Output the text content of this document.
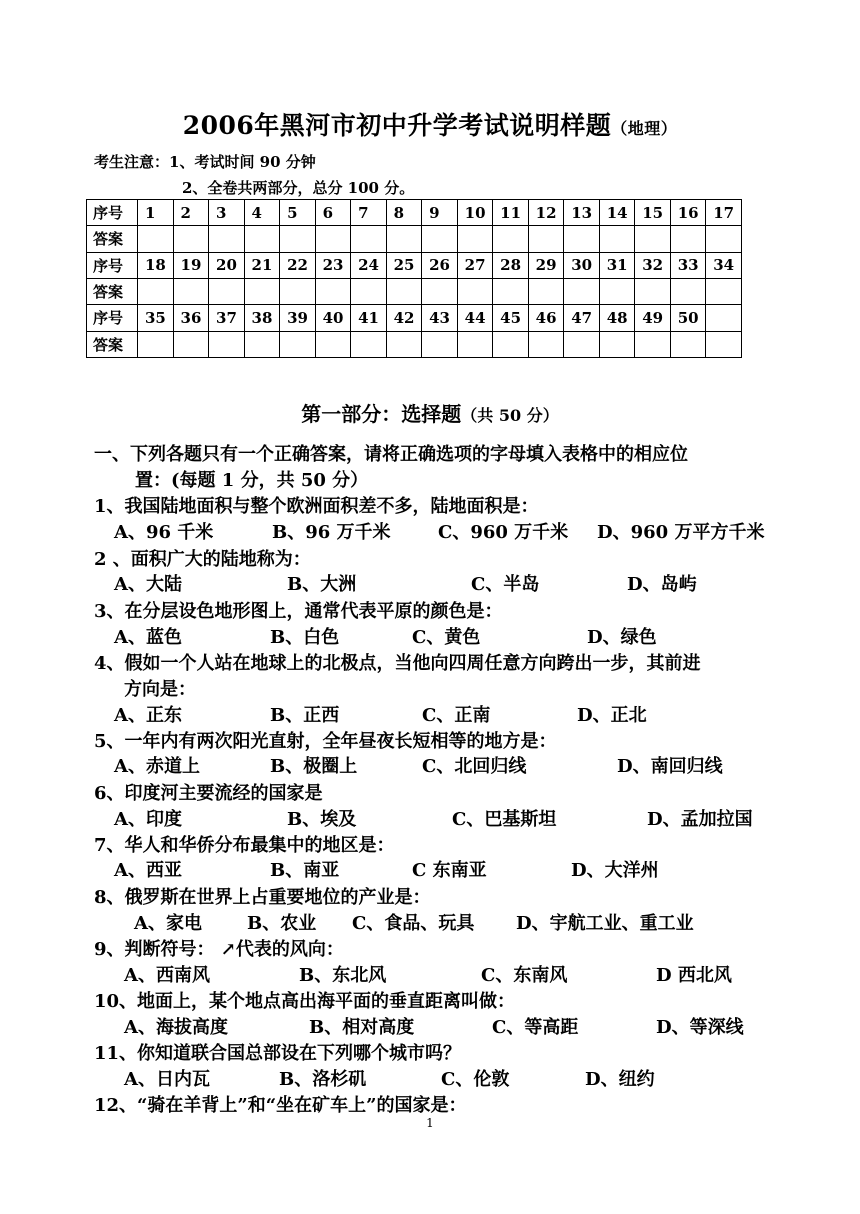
2006年黑河市初中升学考试说明样题（地理）
考生注意：1、考试时间 90 分钟
2、全卷共两部分，总分 100 分。
序号	1	2	3	4	5	6	7	8	9	10	11	12	13	14	15	16	17
答案																	
序号	18	19	20	21	22	23	24	25	26	27	28	29	30	31	32	33	34
答案																	
序号	35	36	37	38	39	40	41	42	43	44	45	46	47	48	49	50	
答案																	
第一部分：选择题（共 50 分）
一、下列各题只有一个正确答案，请将正确选项的字母填入表格中的相应位
置：(每题 1 分，共 50 分）
1、我国陆地面积与整个欧洲面积差不多，陆地面积是：
A、96 千米	B、96 万千米	C、960 万千米 D、960 万平方千米
2 、面积广大的陆地称为：
A、大陆	B、大洲	C、半岛	D、岛屿
3、在分层设色地形图上，通常代表平原的颜色是：
A、蓝色	B、白色	C、黄色	D、绿色
4、假如一个人站在地球上的北极点，当他向四周任意方向跨出一步，其前进
方向是：
A、正东	B、正西	C、正南	D、正北
5、一年内有两次阳光直射，全年昼夜长短相等的地方是：
A、赤道上	B、极圈上	C、北回归线	D、南回归线
6、印度河主要流经的国家是
A、印度	B、埃及	C、巴基斯坦	D、孟加拉国
7、华人和华侨分布最集中的地区是：
A、西亚	B、南亚	C 东南亚	D、大洋州
8、俄罗斯在世界上占重要地位的产业是：
A、家电	B、农业 C、食品、玩具 D、宇航工业、重工业
9、判断符号： ↗代表的风向：
A、西南风	B、东北风	C、东南风	D 西北风
10、地面上，某个地点高出海平面的垂直距离叫做：
A、海拔高度	B、相对高度	C、等高距	D、等深线
11、你知道联合国总部设在下列哪个城市吗？
A、日内瓦	B、洛杉矶	C、伦敦	D、纽约
12、“骑在羊背上”和“坐在矿车上”的国家是：
1
